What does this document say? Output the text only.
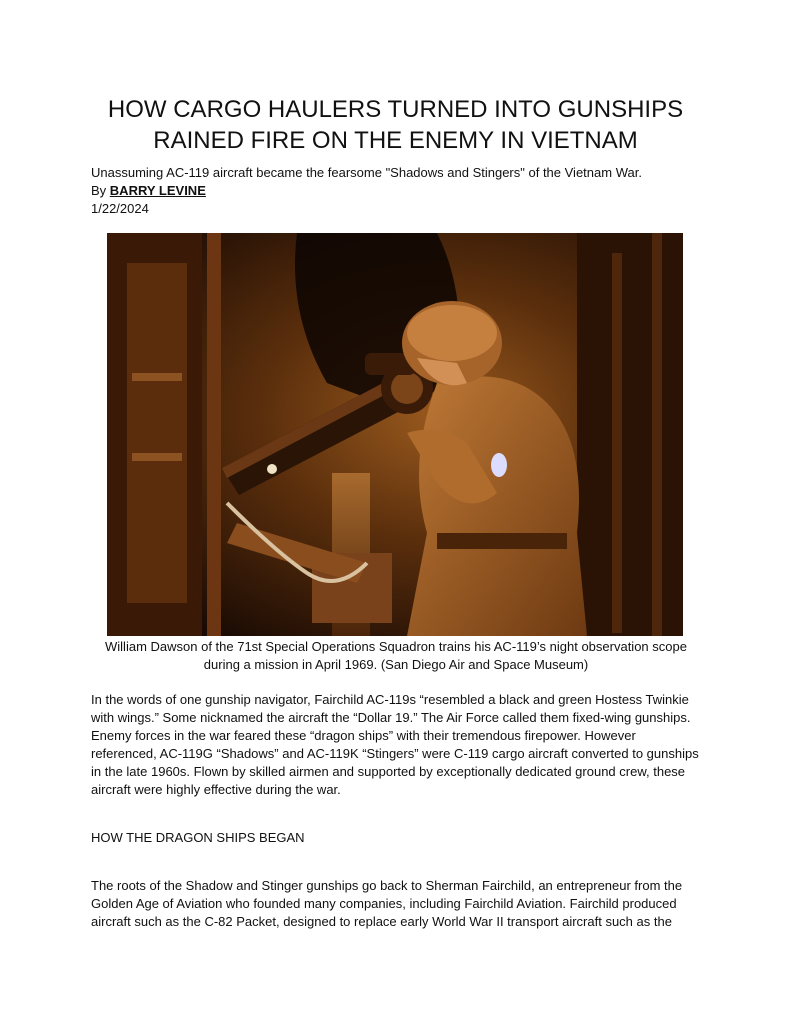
HOW CARGO HAULERS TURNED INTO GUNSHIPS RAINED FIRE ON THE ENEMY IN VIETNAM
Unassuming AC-119 aircraft became the fearsome "Shadows and Stingers" of the Vietnam War.
By BARRY LEVINE
1/22/2024
William Dawson of the 71st Special Operations Squadron trains his AC-119’s night observation scope during a mission in April 1969. (San Diego Air and Space Museum)

In the words of one gunship navigator, Fairchild AC-119s “resembled a black and green Hostess Twinkie with wings.” Some nicknamed the aircraft the “Dollar 19.” The Air Force called them fixed-wing gunships. Enemy forces in the war feared these “dragon ships” with their tremendous firepower. However referenced, AC-119G “Shadows” and AC-119K “Stingers” were C-119 cargo aircraft converted to gunships in the late 1960s. Flown by skilled airmen and supported by exceptionally dedicated ground crew, these aircraft were highly effective during the war.

HOW THE DRAGON SHIPS BEGAN

The roots of the Shadow and Stinger gunships go back to Sherman Fairchild, an entrepreneur from the Golden Age of Aviation who founded many companies, including Fairchild Aviation. Fairchild produced aircraft such as the C-82 Packet, designed to replace early World War II transport aircraft such as the
